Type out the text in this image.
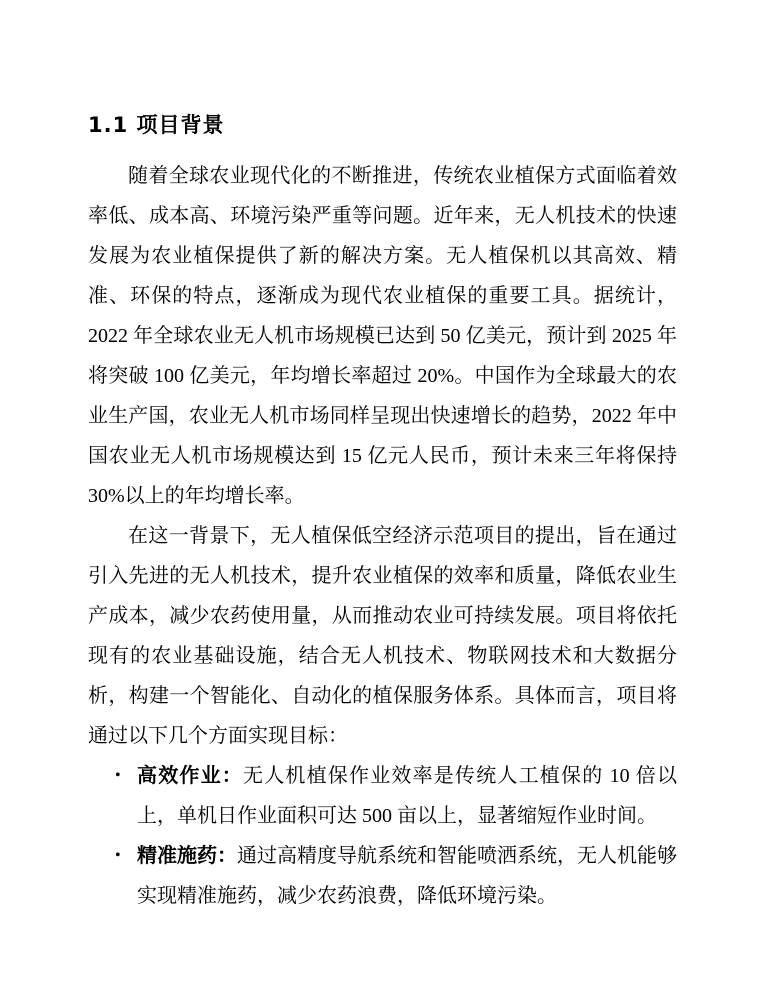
1.1 项目背景

随着全球农业现代化的不断推进，传统农业植保方式面临着效率低、成本高、环境污染严重等问题。近年来，无人机技术的快速发展为农业植保提供了新的解决方案。无人植保机以其高效、精准、环保的特点，逐渐成为现代农业植保的重要工具。据统计，2022 年全球农业无人机市场规模已达到 50 亿美元，预计到 2025 年将突破 100 亿美元，年均增长率超过 20%。中国作为全球最大的农业生产国，农业无人机市场同样呈现出快速增长的趋势，2022 年中国农业无人机市场规模达到 15 亿元人民币，预计未来三年将保持 30%以上的年均增长率。

在这一背景下，无人植保低空经济示范项目的提出，旨在通过引入先进的无人机技术，提升农业植保的效率和质量，降低农业生产成本，减少农药使用量，从而推动农业可持续发展。项目将依托现有的农业基础设施，结合无人机技术、物联网技术和大数据分析，构建一个智能化、自动化的植保服务体系。具体而言，项目将通过以下几个方面实现目标：

• 高效作业：无人机植保作业效率是传统人工植保的 10 倍以上，单机日作业面积可达 500 亩以上，显著缩短作业时间。
• 精准施药：通过高精度导航系统和智能喷洒系统，无人机能够实现精准施药，减少农药浪费，降低环境污染。
